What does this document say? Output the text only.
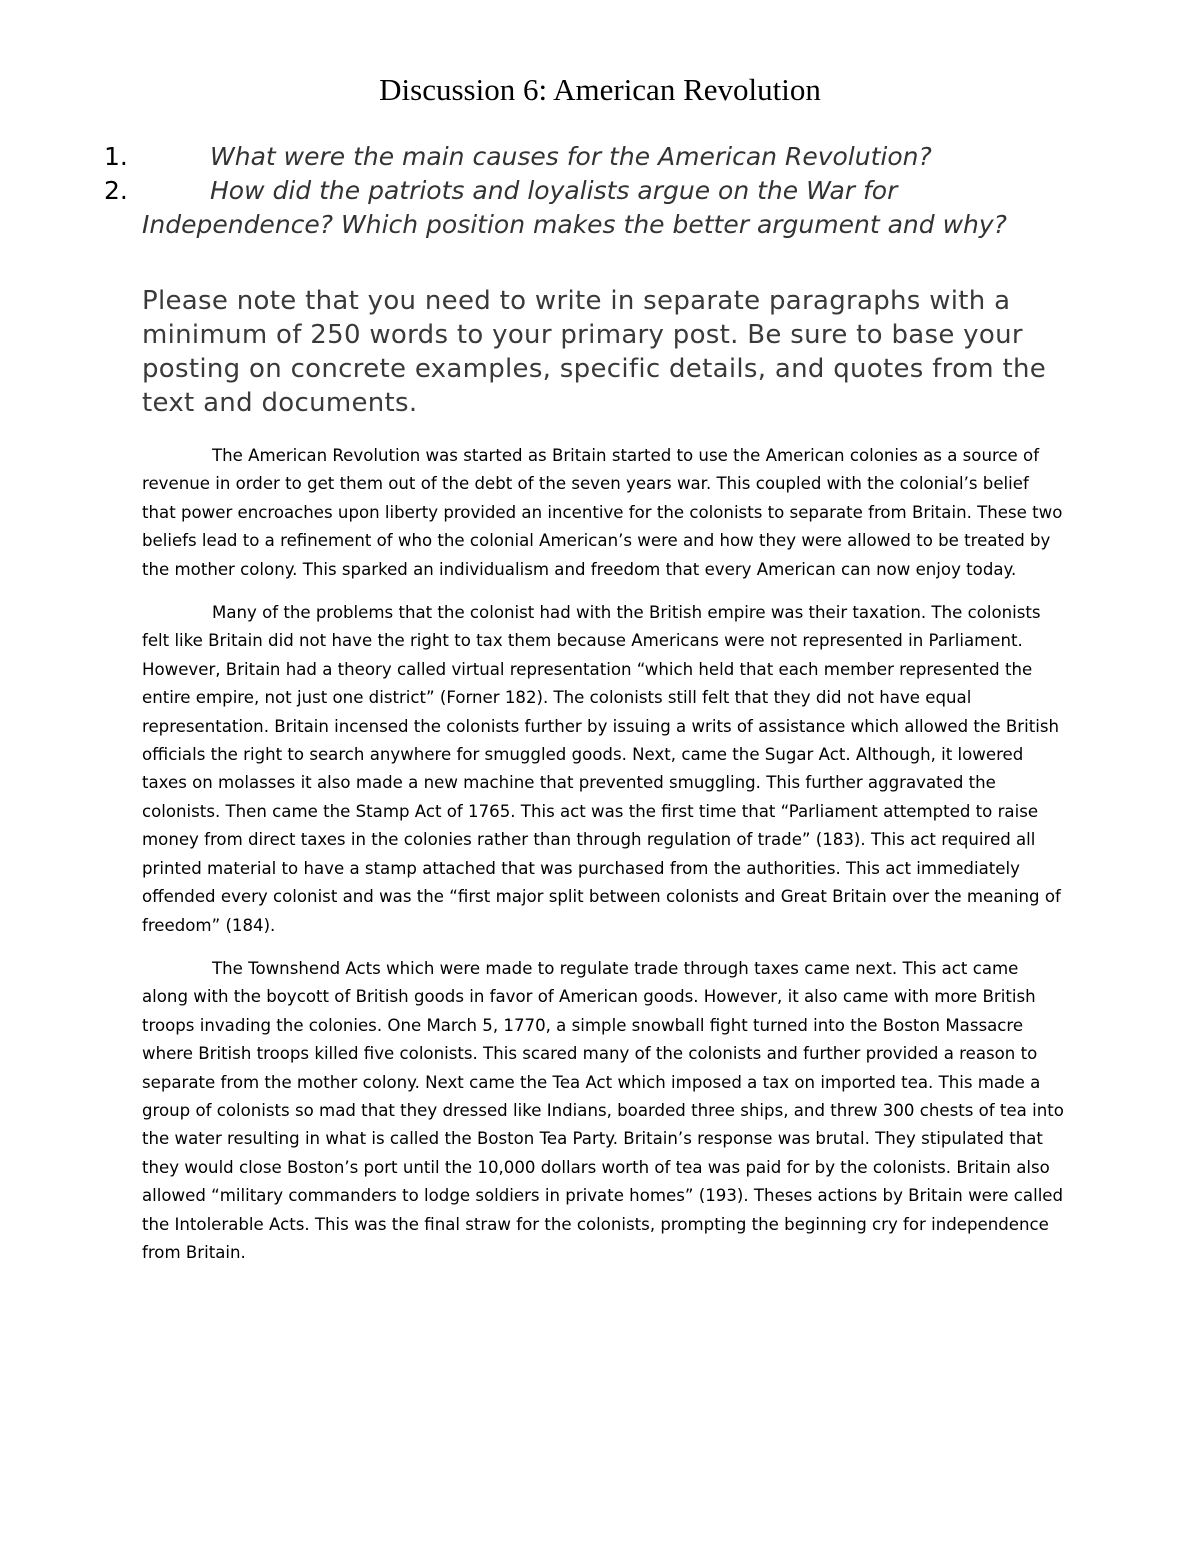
Discussion 6: American Revolution
1.	What were the main causes for the American Revolution?
2.	How did the patriots and loyalists argue on the War for
Independence? Which position makes the better argument and why?

Please note that you need to write in separate paragraphs with a minimum of 250 words to your primary post. Be sure to base your posting on concrete examples, specific details, and quotes from the text and documents.

The American Revolution was started as Britain started to use the American colonies as a source of revenue in order to get them out of the debt of the seven years war. This coupled with the colonial’s belief that power encroaches upon liberty provided an incentive for the colonists to separate from Britain. These two beliefs lead to a refinement of who the colonial American’s were and how they were allowed to be treated by the mother colony. This sparked an individualism and freedom that every American can now enjoy today.

Many of the problems that the colonist had with the British empire was their taxation. The colonists felt like Britain did not have the right to tax them because Americans were not represented in Parliament. However, Britain had a theory called virtual representation “which held that each member represented the entire empire, not just one district” (Forner 182). The colonists still felt that they did not have equal representation. Britain incensed the colonists further by issuing a writs of assistance which allowed the British officials the right to search anywhere for smuggled goods. Next, came the Sugar Act. Although, it lowered taxes on molasses it also made a new machine that prevented smuggling. This further aggravated the colonists. Then came the Stamp Act of 1765. This act was the first time that “Parliament attempted to raise money from direct taxes in the colonies rather than through regulation of trade” (183). This act required all printed material to have a stamp attached that was purchased from the authorities. This act immediately offended every colonist and was the “first major split between colonists and Great Britain over the meaning of freedom” (184).

The Townshend Acts which were made to regulate trade through taxes came next. This act came along with the boycott of British goods in favor of American goods. However, it also came with more British troops invading the colonies. One March 5, 1770, a simple snowball fight turned into the Boston Massacre where British troops killed five colonists. This scared many of the colonists and further provided a reason to separate from the mother colony. Next came the Tea Act which imposed a tax on imported tea. This made a group of colonists so mad that they dressed like Indians, boarded three ships, and threw 300 chests of tea into the water resulting in what is called the Boston Tea Party. Britain’s response was brutal. They stipulated that they would close Boston’s port until the 10,000 dollars worth of tea was paid for by the colonists. Britain also allowed “military commanders to lodge soldiers in private homes” (193). Theses actions by Britain were called the Intolerable Acts. This was the final straw for the colonists, prompting the beginning cry for independence from Britain.
